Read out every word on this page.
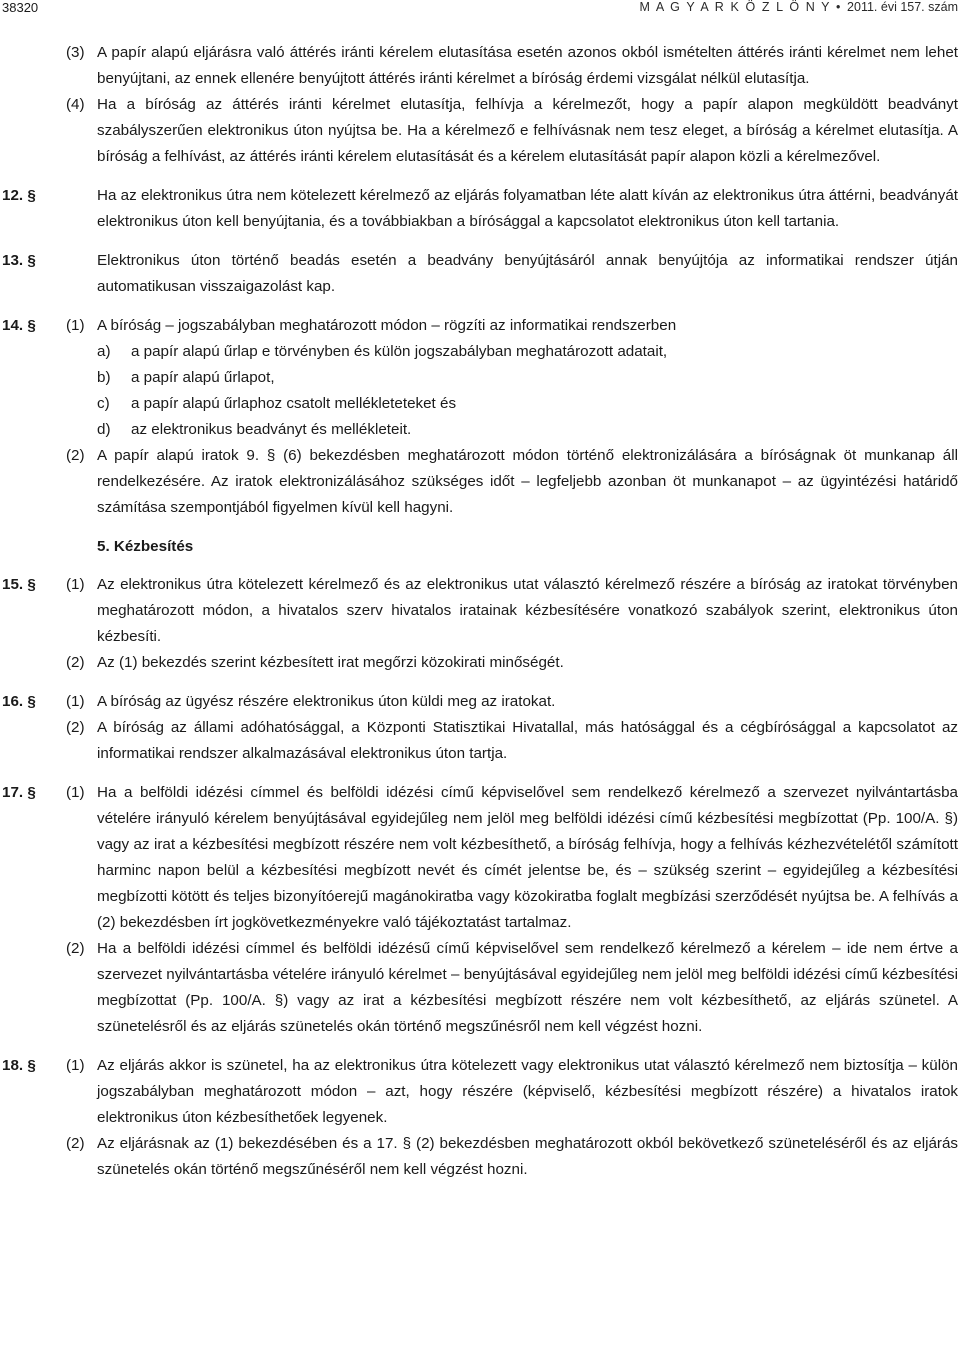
38320	M A G Y A R K Ö Z L Ö N Y • 2011. évi 157. szám
(3) A papír alapú eljárásra való áttérés iránti kérelem elutasítása esetén azonos okból ismételten áttérés iránti kérelmet nem lehet benyújtani, az ennek ellenére benyújtott áttérés iránti kérelmet a bíróság érdemi vizsgálat nélkül elutasítja.
(4) Ha a bíróság az áttérés iránti kérelmet elutasítja, felhívja a kérelmezőt, hogy a papír alapon megküldött beadványt szabályszerűen elektronikus úton nyújtsa be. Ha a kérelmező e felhívásnak nem tesz eleget, a bíróság a kérelmet elutasítja. A bíróság a felhívást, az áttérés iránti kérelem elutasítását és a kérelem elutasítását papír alapon közli a kérelmezővel.
12. §	Ha az elektronikus útra nem kötelezett kérelmező az eljárás folyamatban léte alatt kíván az elektronikus útra áttérni, beadványát elektronikus úton kell benyújtania, és a továbbiakban a bírósággal a kapcsolatot elektronikus úton kell tartania.
13. §	Elektronikus úton történő beadás esetén a beadvány benyújtásáról annak benyújtója az informatikai rendszer útján automatikusan visszaigazolást kap.
14. § (1) A bíróság – jogszabályban meghatározott módon – rögzíti az informatikai rendszerben
a) a papír alapú űrlap e törvényben és külön jogszabályban meghatározott adatait,
b) a papír alapú űrlapot,
c) a papír alapú űrlaphoz csatolt mellékleteteket és
d) az elektronikus beadványt és mellékleteit.
(2) A papír alapú iratok 9. § (6) bekezdésben meghatározott módon történő elektronizálására a bíróságnak öt munkanap áll rendelkezésére. Az iratok elektronizálásához szükséges időt – legfeljebb azonban öt munkanapot – az ügyintézési határidő számítása szempontjából figyelmen kívül kell hagyni.
5. Kézbesítés
15. § (1) Az elektronikus útra kötelezett kérelmező és az elektronikus utat választó kérelmező részére a bíróság az iratokat törvényben meghatározott módon, a hivatalos szerv hivatalos iratainak kézbesítésére vonatkozó szabályok szerint, elektronikus úton kézbesíti.
(2) Az (1) bekezdés szerint kézbesített irat megőrzi közokirati minőségét.
16. § (1) A bíróság az ügyész részére elektronikus úton küldi meg az iratokat.
(2) A bíróság az állami adóhatósággal, a Központi Statisztikai Hivatallal, más hatósággal és a cégbírósággal a kapcsolatot az informatikai rendszer alkalmazásával elektronikus úton tartja.
17. § (1) Ha a belföldi idézési címmel és belföldi idézési című képviselővel sem rendelkező kérelmező a szervezet nyilvántartásba vételére irányuló kérelem benyújtásával egyidejűleg nem jelöl meg belföldi idézési című kézbesítési megbízottat (Pp. 100/A. §) vagy az irat a kézbesítési megbízott részére nem volt kézbesíthető, a bíróság felhívja, hogy a felhívás kézhezvételétől számított harminc napon belül a kézbesítési megbízott nevét és címét jelentse be, és – szükség szerint – egyidejűleg a kézbesítési megbízotti kötött és teljes bizonyítóerejű magánokiratba vagy közokiratba foglalt megbízási szerződését nyújtsa be. A felhívás a (2) bekezdésben írt jogkövetkezményekre való tájékoztatást tartalmaz.
(2) Ha a belföldi idézési címmel és belföldi idézésű című képviselővel sem rendelkező kérelmező a kérelem – ide nem értve a szervezet nyilvántartásba vételére irányuló kérelmet – benyújtásával egyidejűleg nem jelöl meg belföldi idézési című kézbesítési megbízottat (Pp. 100/A. §) vagy az irat a kézbesítési megbízott részére nem volt kézbesíthető, az eljárás szünetel. A szünetelésről és az eljárás szünetelés okán történő megszűnésről nem kell végzést hozni.
18. § (1) Az eljárás akkor is szünetel, ha az elektronikus útra kötelezett vagy elektronikus utat választó kérelmező nem biztosítja – külön jogszabályban meghatározott módon – azt, hogy részére (képviselő, kézbesítési megbízott részére) a hivatalos iratok elektronikus úton kézbesíthetőek legyenek.
(2) Az eljárásnak az (1) bekezdésében és a 17. § (2) bekezdésben meghatározott okból bekövetkező szüneteléséről és az eljárás szünetelés okán történő megszűnéséről nem kell végzést hozni.
